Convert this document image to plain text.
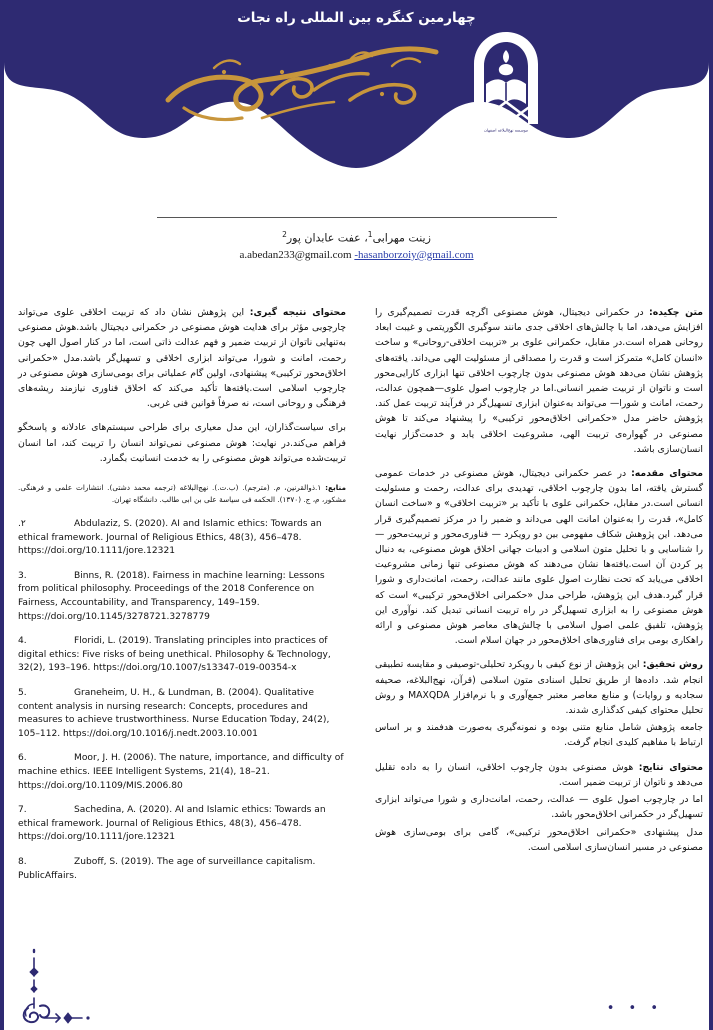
چهارمین کنگره بین المللی راه نجات
موسسه نهج‌البلاغه اصفهان
زینت مهرابی$^1$، عفت عابدان پور$^2$
a.abedan233@gmail.com -hasanborzoiy@gmail.com

متن چکیده: در حکمرانی دیجیتال، هوش مصنوعی اگرچه قدرت تصمیم‌گیری را افزایش می‌دهد، اما با چالش‌های اخلاقی جدی مانند سوگیری الگوریتمی و غیبت ابعاد روحانی همراه است.در مقابل، حکمرانی علوی بر «تربیت اخلاقی-روحانی» و ساخت «انسان کامل» متمرکز است و قدرت را مصداقی از مسئولیت الهی می‌داند. یافته‌های پژوهش نشان می‌دهد هوش مصنوعی بدون چارچوب اخلاقی تنها ابزاری کارایی‌محور است و ناتوان از تربیت ضمیر انسانی.اما در چارچوب اصول علوی—همچون عدالت، رحمت، امانت و شورا— می‌تواند به‌عنوان ابزاری تسهیل‌گر در فرآیند تربیت عمل کند. پژوهش حاضر مدل «حکمرانی اخلاق‌محور ترکیبی» را پیشنهاد می‌کند تا هوش مصنوعی در گهواره‌ی تربیت الهی، مشروعیت اخلاقی یابد و خدمت‌گزار نهایت انسان‌سازی باشد.

محتوای مقدمه: در عصر حکمرانی دیجیتال، هوش مصنوعی در خدمات عمومی گسترش یافته، اما بدون چارچوب اخلاقی، تهدیدی برای عدالت، رحمت و مسئولیت انسانی است.در مقابل، حکمرانی علوی با تأکید بر «تربیت اخلاقی» و «ساخت انسان کامل»، قدرت را به‌عنوان امانت الهی می‌داند و ضمیر را در مرکز تصمیم‌گیری قرار می‌دهد. این پژوهش شکاف مفهومی بین دو رویکرد — فناوری‌محور و تربیت‌محور — را شناسایی و با تحلیل متون اسلامی و ادبیات جهانی اخلاق هوش مصنوعی، به دنبال پر کردن آن است.یافته‌ها نشان می‌دهند که هوش مصنوعی تنها زمانی مشروعیت اخلاقی می‌یابد که تحت نظارت اصول علوی مانند عدالت، رحمت، امانت‌داری و شورا قرار گیرد.هدف این پژوهش، طراحی مدل «حکمرانی اخلاق‌محور ترکیبی» است که هوش مصنوعی را به ابزاری تسهیل‌گر در راه تربیت انسانی تبدیل کند. نوآوری این پژوهش، تلفیق علمی اصول اسلامی با چالش‌های معاصر هوش مصنوعی و ارائه راهکاری بومی برای فناوری‌های اخلاق‌محور در جهان اسلام است.

روش تحقیق: این پژوهش از نوع کیفی با رویکرد تحلیلی-توصیفی و مقایسه تطبیقی انجام شد. داده‌ها از طریق تحلیل اسنادی متون اسلامی (قرآن، نهج‌البلاغه، صحیفه سجادیه و روایات) و منابع معاصر معتبر جمع‌آوری و با نرم‌افزار MAXQDA و روش تحلیل محتوای کیفی کدگذاری شدند.

جامعه پژوهش شامل منابع متنی بوده و نمونه‌گیری به‌صورت هدفمند و بر اساس ارتباط با مفاهیم کلیدی انجام گرفت.

محتوای نتایج: هوش مصنوعی بدون چارچوب اخلاقی، انسان را به داده تقلیل می‌دهد و ناتوان از تربیت ضمیر است.

اما در چارچوب اصول علوی — عدالت، رحمت، امانت‌داری و شورا می‌تواند ابزاری تسهیل‌گر در حکمرانی اخلاق‌محور باشد.

مدل پیشنهادی «حکمرانی اخلاق‌محور ترکیبی»، گامی برای بومی‌سازی هوش مصنوعی در مسیر انسان‌سازی اسلامی است.

محتوای نتیجه گیری: این پژوهش نشان داد که تربیت اخلاقی علوی می‌تواند چارچوبی مؤثر برای هدایت هوش مصنوعی در حکمرانی دیجیتال باشد.هوش مصنوعی به‌تنهایی ناتوان از تربیت ضمیر و فهم عدالت ذاتی است، اما در کنار اصول الهی چون رحمت، امانت و شورا، می‌تواند ابزاری اخلاقی و تسهیل‌گر باشد.مدل «حکمرانی اخلاق‌محور ترکیبی» پیشنهادی، اولین گام عملیاتی برای بومی‌سازی هوش مصنوعی در چارچوب اسلامی است.یافته‌ها تأکید می‌کند که اخلاق فناوری نیازمند ریشه‌های فرهنگی و روحانی است، نه صرفاً قوانین فنی غربی.

برای سیاست‌گذاران، این مدل معیاری برای طراحی سیستم‌های عادلانه و پاسخگو فراهم می‌کند.در نهایت: هوش مصنوعی نمی‌تواند انسان را تربیت کند، اما انسان تربیت‌شده می‌تواند هوش مصنوعی را به خدمت انسانیت بگمارد.

منابع: ۱.ذوالقرنین، م. (مترجم). (ب.ت.). نهج‌البلاغه (ترجمه محمد دشتی). انتشارات علمی و فرهنگی. مشکور، م، ج. (۱۳۷۰). الحکمه فی سیاسة علی بن ابی طالب. دانشگاه تهران.

۲.	Abdulaziz, S. (2020). AI and Islamic ethics: Towards an ethical framework. Journal of Religious Ethics, 48(3), 456–478. https://doi.org/10.1111/jore.12321

3.	Binns, R. (2018). Fairness in machine learning: Lessons from political philosophy. Proceedings of the 2018 Conference on Fairness, Accountability, and Transparency, 149–159. https://doi.org/10.1145/3278721.3278779

4.	Floridi, L. (2019). Translating principles into practices of digital ethics: Five risks of being unethical. Philosophy & Technology, 32(2), 193–196. https://doi.org/10.1007/s13347-019-00354-x

5.	Graneheim, U. H., & Lundman, B. (2004). Qualitative content analysis in nursing research: Concepts, procedures and measures to achieve trustworthiness. Nurse Education Today, 24(2), 105–112. https://doi.org/10.1016/j.nedt.2003.10.001

6.	Moor, J. H. (2006). The nature, importance, and difficulty of machine ethics. IEEE Intelligent Systems, 21(4), 18–21. https://doi.org/10.1109/MIS.2006.80

7.	Sachedina, A. (2020). AI and Islamic ethics: Towards an ethical framework. Journal of Religious Ethics, 48(3), 456–478. https://doi.org/10.1111/jore.12321

8.	Zuboff, S. (2019). The age of surveillance capitalism. PublicAffairs.

• • •
